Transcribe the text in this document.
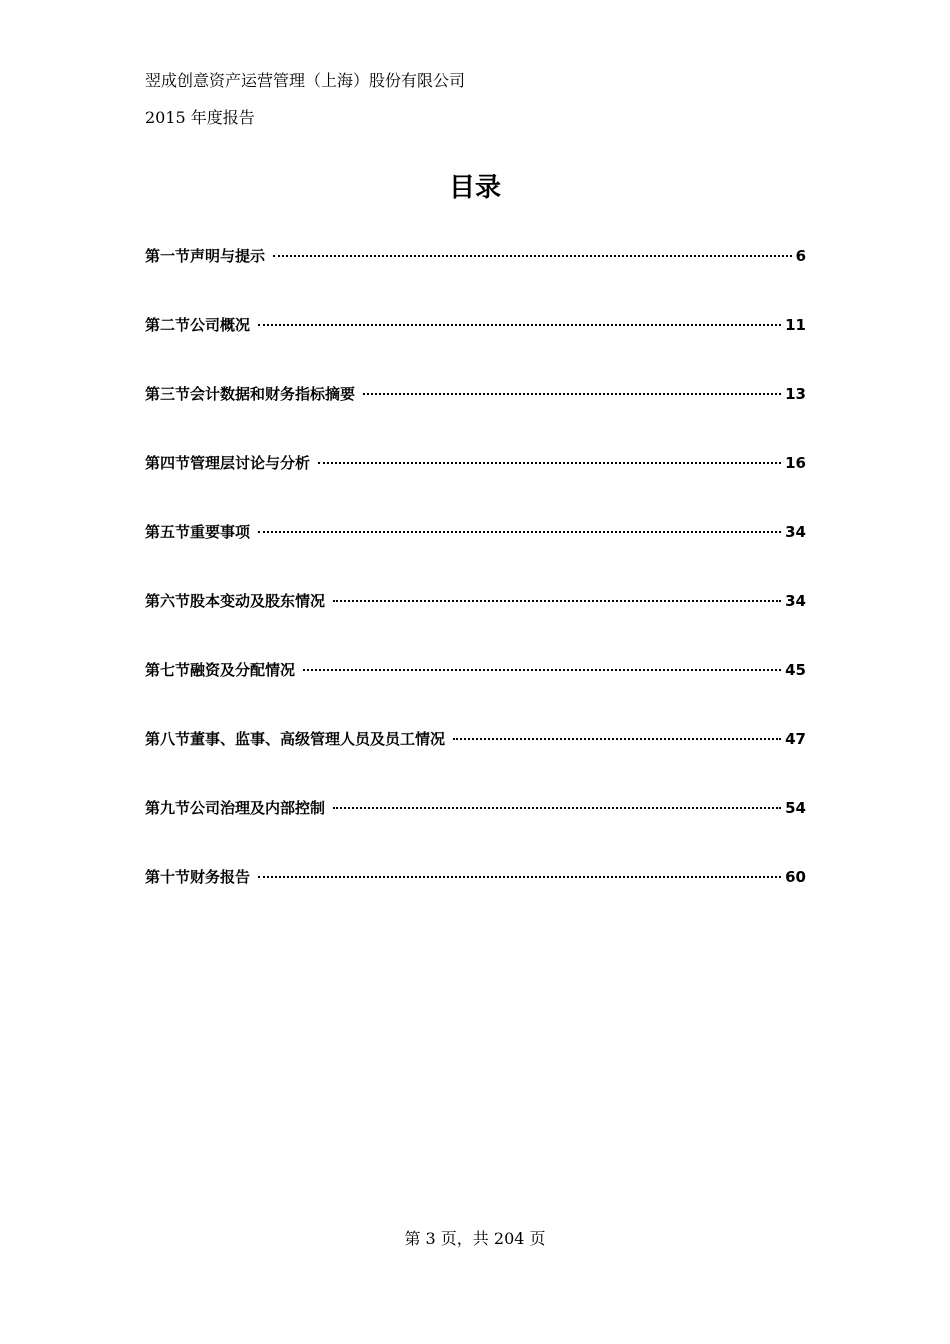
翌成创意资产运营管理（上海）股份有限公司
2015 年度报告
目录
第一节声明与提示	6
第二节公司概况	11
第三节会计数据和财务指标摘要	13
第四节管理层讨论与分析	16
第五节重要事项	34
第六节股本变动及股东情况	34
第七节融资及分配情况	45
第八节董事、监事、高级管理人员及员工情况	47
第九节公司治理及内部控制	54
第十节财务报告	60
第 3 页，共 204 页
